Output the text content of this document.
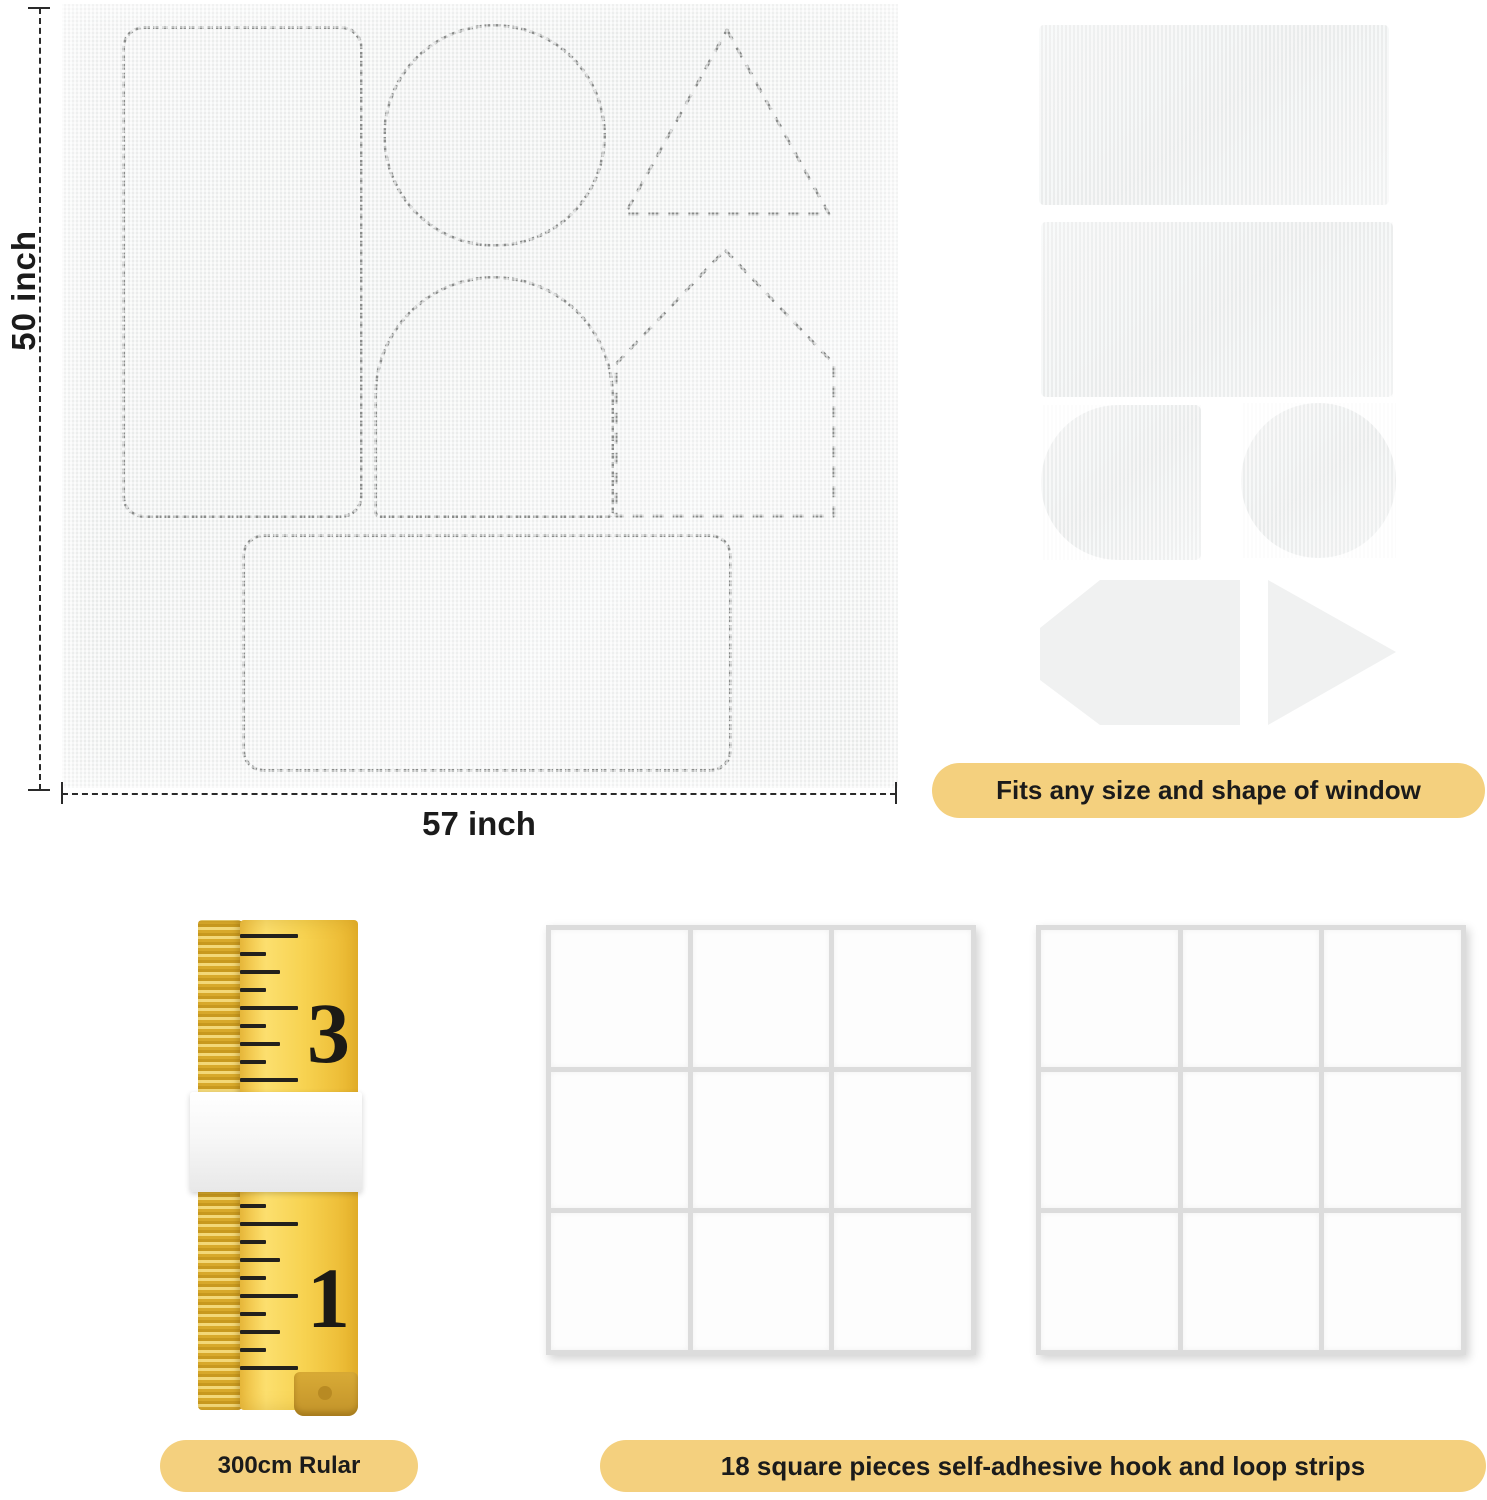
50 inch
57 inch
Fits any size and shape of window
3
1
300cm Rular	18 square pieces self-adhesive hook and loop strips
